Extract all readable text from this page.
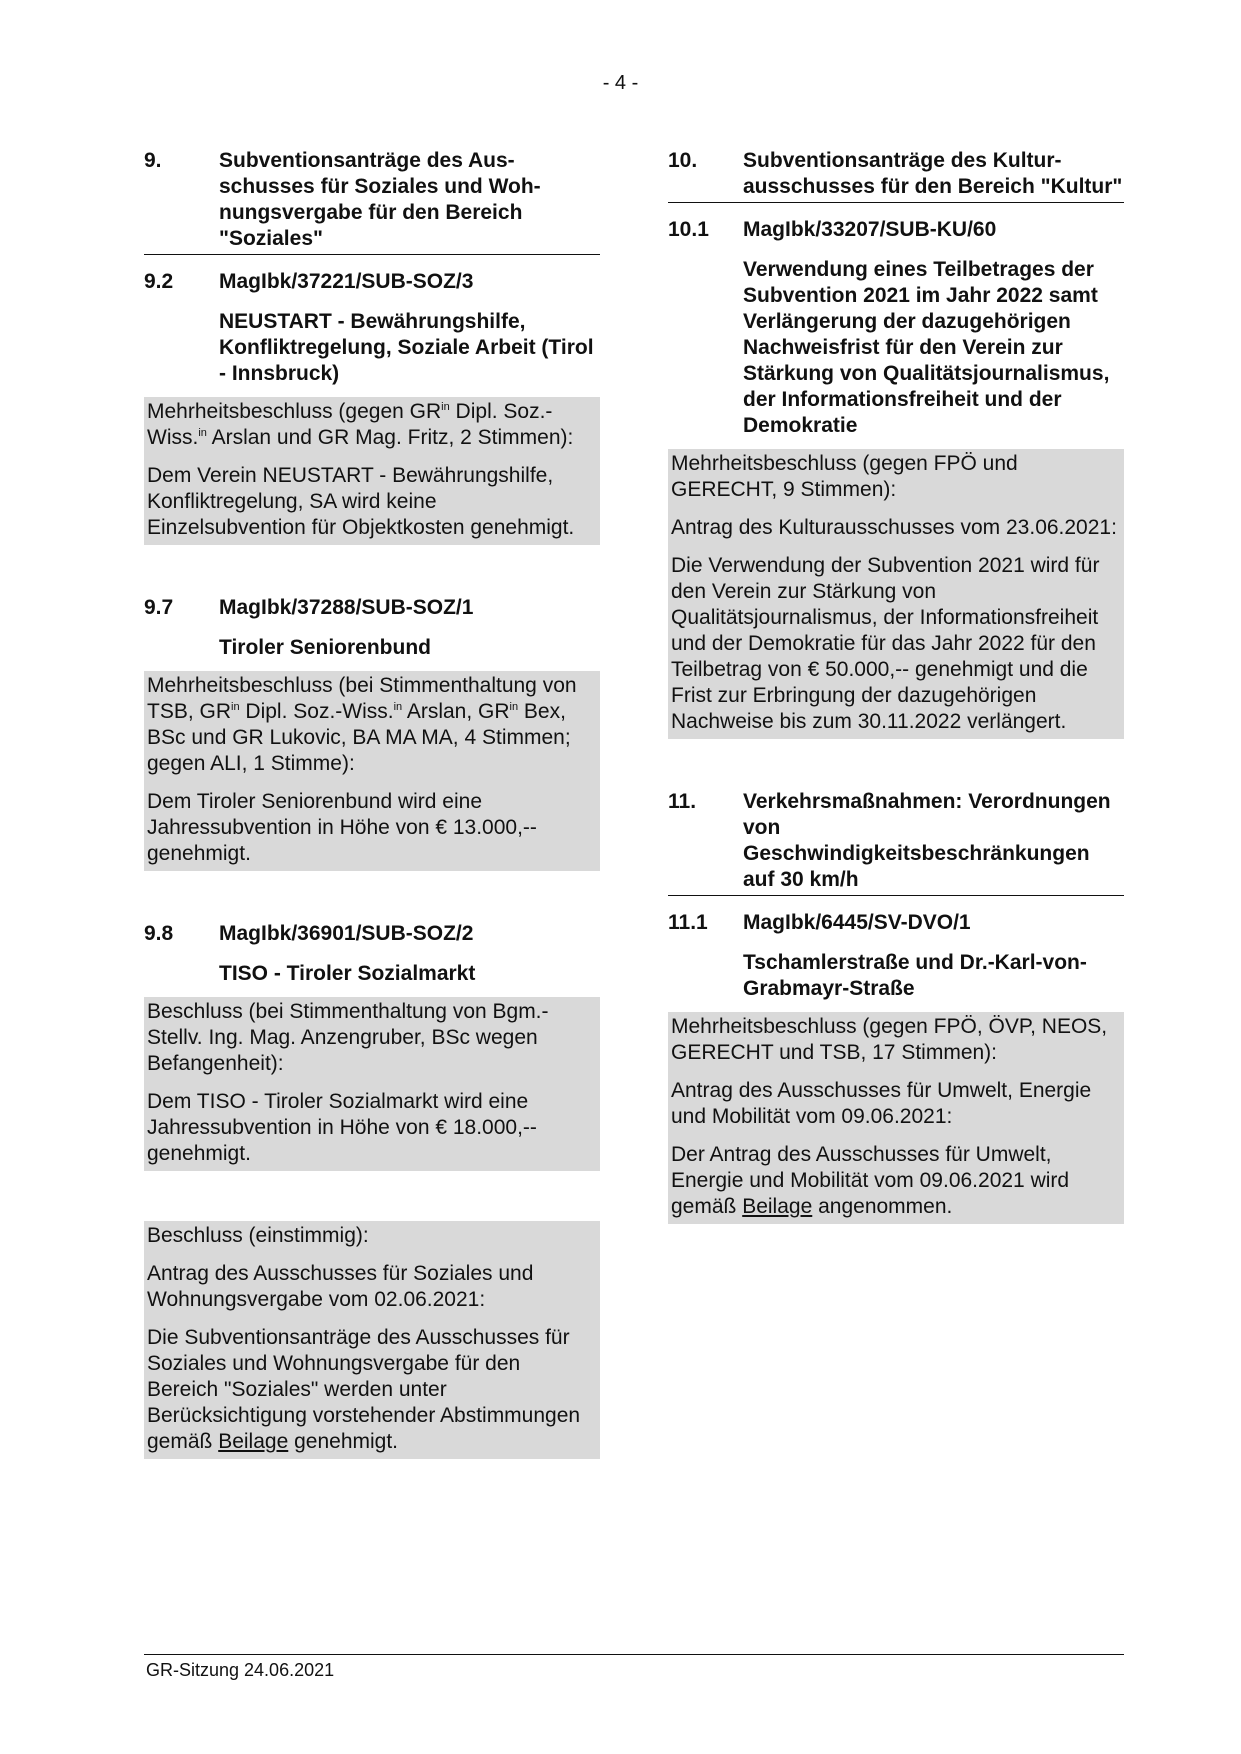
- 4 -
9.	Subventionsanträge des Aus-schusses für Soziales und Woh-nungsvergabe für den Bereich "Soziales"
9.2	MagIbk/37221/SUB-SOZ/3
NEUSTART - Bewährungshilfe, Konfliktregelung, Soziale Arbeit (Tirol - Innsbruck)

Mehrheitsbeschluss (gegen $GR^{in}$ Dipl. Soz.-Wiss.$^{in}$ Arslan und GR Mag. Fritz, 2 Stimmen):

Dem Verein NEUSTART - Bewährungshilfe, Konfliktregelung, SA wird keine Einzelsubvention für Objektkosten genehmigt.

9.7	MagIbk/37288/SUB-SOZ/1
Tiroler Seniorenbund

Mehrheitsbeschluss (bei Stimmenthaltung von TSB, $GR^{in}$ Dipl. Soz.-Wiss.$^{in}$ Arslan, $GR^{in}$ Bex, BSc und GR Lukovic, BA MA MA, 4 Stimmen; gegen ALI, 1 Stimme):

Dem Tiroler Seniorenbund wird eine Jahressubvention in Höhe von € 13.000,-- genehmigt.

9.8	MagIbk/36901/SUB-SOZ/2
TISO - Tiroler Sozialmarkt

Beschluss (bei Stimmenthaltung von Bgm.-Stellv. Ing. Mag. Anzengruber, BSc wegen Befangenheit):

Dem TISO - Tiroler Sozialmarkt wird eine Jahressubvention in Höhe von € 18.000,-- genehmigt.

Beschluss (einstimmig):

Antrag des Ausschusses für Soziales und Wohnungsvergabe vom 02.06.2021:

Die Subventionsanträge des Ausschusses für Soziales und Wohnungsvergabe für den Bereich "Soziales" werden unter Berücksichtigung vorstehender Abstimmungen gemäß Beilage genehmigt.

10.	Subventionsanträge des Kultur-ausschusses für den Bereich "Kultur"
10.1	MagIbk/33207/SUB-KU/60
Verwendung eines Teilbetrages der Subvention 2021 im Jahr 2022 samt Verlängerung der dazugehörigen Nachweisfrist für den Verein zur Stärkung von Qualitätsjournalismus, der Informationsfreiheit und der Demokratie

Mehrheitsbeschluss (gegen FPÖ und GERECHT, 9 Stimmen):

Antrag des Kulturausschusses vom 23.06.2021:

Die Verwendung der Subvention 2021 wird für den Verein zur Stärkung von Qualitätsjournalismus, der Informationsfreiheit und der Demokratie für das Jahr 2022 für den Teilbetrag von € 50.000,-- genehmigt und die Frist zur Erbringung der dazugehörigen Nachweise bis zum 30.11.2022 verlängert.

11.	Verkehrsmaßnahmen: Verordnungen von Geschwindigkeitsbeschränkungen auf 30 km/h
11.1	MagIbk/6445/SV-DVO/1
Tschamlerstraße und Dr.-Karl-von-Grabmayr-Straße

Mehrheitsbeschluss (gegen FPÖ, ÖVP, NEOS, GERECHT und TSB, 17 Stimmen):

Antrag des Ausschusses für Umwelt, Energie und Mobilität vom 09.06.2021:

Der Antrag des Ausschusses für Umwelt, Energie und Mobilität vom 09.06.2021 wird gemäß Beilage angenommen.

GR-Sitzung 24.06.2021
